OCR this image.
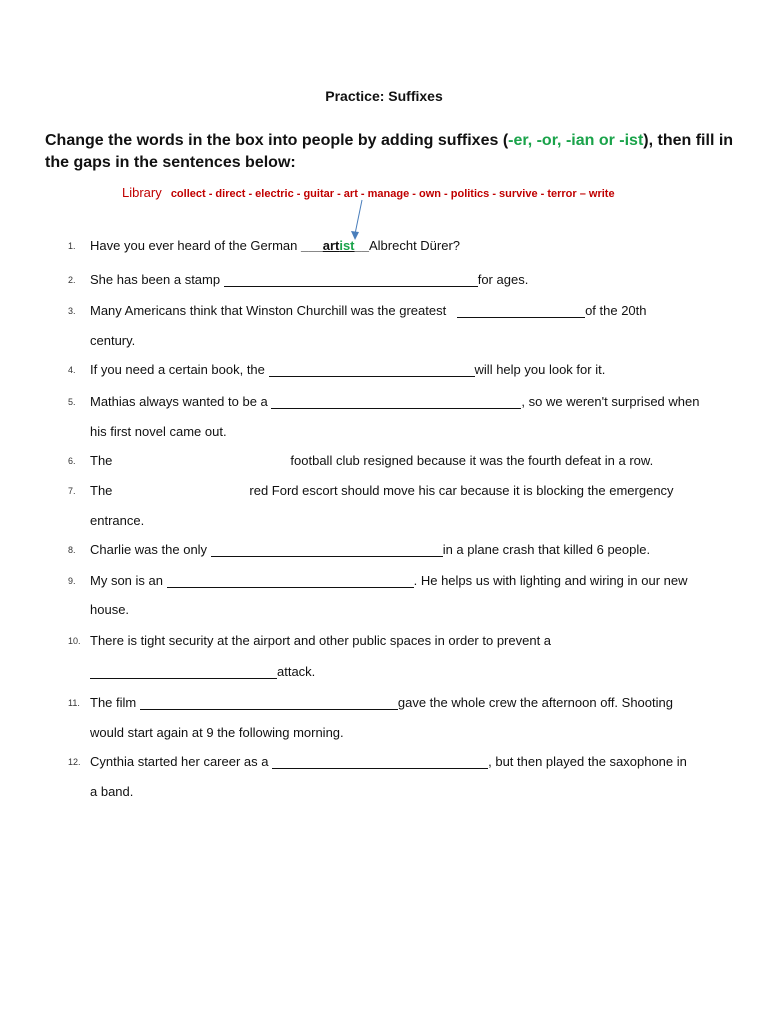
Practice: Suffixes
Change the words in the box into people by adding suffixes (-er, -or, -ian or -ist), then fill in the gaps in the sentences below:
Library collect - direct - electric - guitar - art - manage - own - politics - survive - terror – write
1.	Have you ever heard of the German ___artist__Albrecht Dürer?
2.	She has been a stamp	for ages.
3.	Many Americans think that Winston Churchill was the greatest	of the 20th
century.
4.	If you need a certain book, the	will help you look for it.
5.	Mathias always wanted to be a	, so we weren't surprised when
his first novel came out.
6.	The	football club resigned because it was the fourth defeat in a row.
7.	The	red Ford escort should move his car because it is blocking the emergency
entrance.
8.	Charlie was the only	in a plane crash that killed 6 people.
9.	My son is an	. He helps us with lighting and wiring in our new
house.
10. There is tight security at the airport and other public spaces in order to prevent a
attack.
11. The film	gave the whole crew the afternoon off. Shooting
would start again at 9 the following morning.
12. Cynthia started her career as a	, but then played the saxophone in
a band.
